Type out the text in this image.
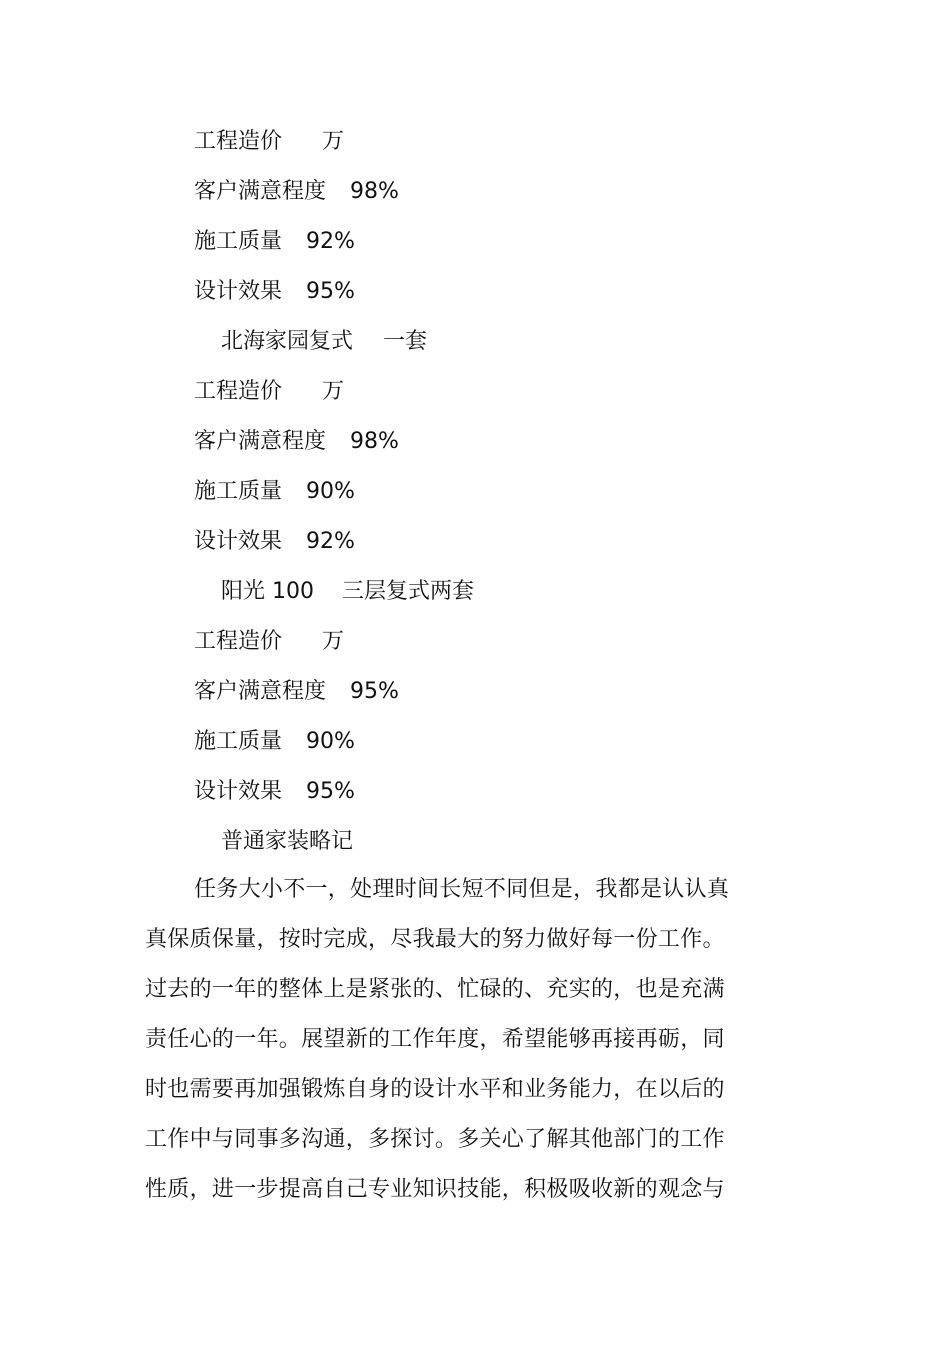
工程造价 万
客户满意程度 98%
施工质量 92%
设计效果 95%
北海家园复式 一套
工程造价 万
客户满意程度 98%
施工质量 90%
设计效果 92%
阳光 100 三层复式两套
工程造价 万
客户满意程度 95%
施工质量 90%
设计效果 95%
普通家装略记
任务大小不一，处理时间长短不同但是，我都是认认真
真保质保量，按时完成，尽我最大的努力做好每一份工作。
过去的一年的整体上是紧张的、忙碌的、充实的，也是充满
责任心的一年。展望新的工作年度，希望能够再接再砺，同
时也需要再加强锻炼自身的设计水平和业务能力，在以后的
工作中与同事多沟通，多探讨。多关心了解其他部门的工作
性质，进一步提高自己专业知识技能，积极吸收新的观念与
